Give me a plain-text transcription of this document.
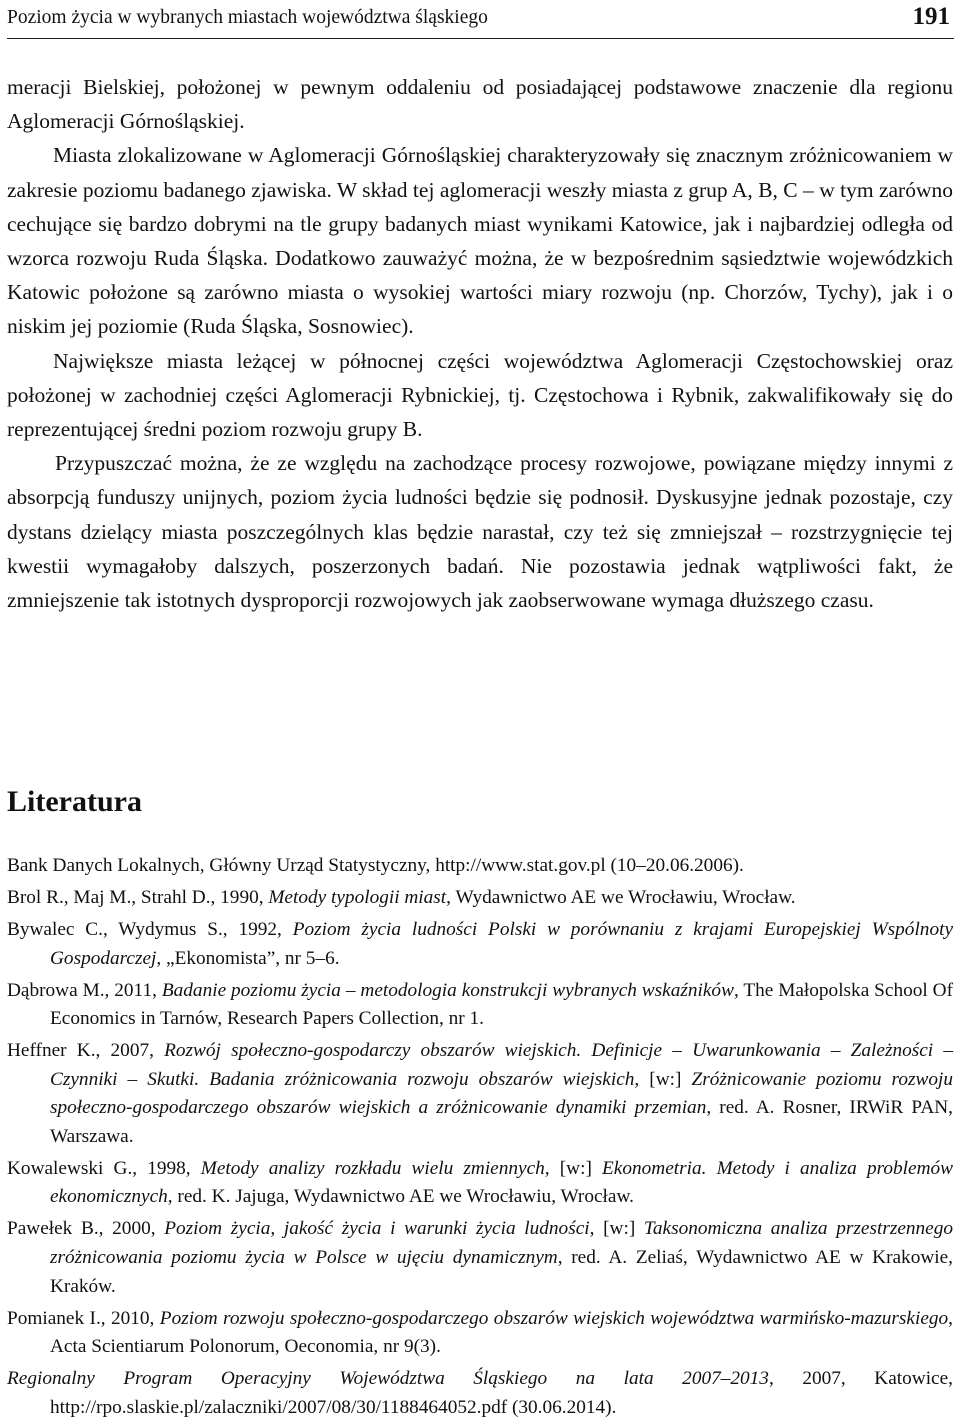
Poziom życia w wybranych miastach województwa śląskiego	191

meracji Bielskiej, położonej w pewnym oddaleniu od posiadającej podstawowe znaczenie dla regionu Aglomeracji Górnośląskiej.

Miasta zlokalizowane w Aglomeracji Górnośląskiej charakteryzowały się znacznym zróżnicowaniem w zakresie poziomu badanego zjawiska. W skład tej aglomeracji weszły miasta z grup A, B, C – w tym zarówno cechujące się bardzo dobrymi na tle grupy badanych miast wynikami Katowice, jak i najbardziej odległa od wzorca rozwoju Ruda Śląska. Dodatkowo zauważyć można, że w bezpośrednim sąsiedztwie wojewódzkich Katowic położone są zarówno miasta o wysokiej wartości miary rozwoju (np. Chorzów, Tychy), jak i o niskim jej poziomie (Ruda Śląska, Sosnowiec).

Największe miasta leżącej w północnej części województwa Aglomeracji Częstochowskiej oraz położonej w zachodniej części Aglomeracji Rybnickiej, tj. Częstochowa i Rybnik, zakwalifikowały się do reprezentującej średni poziom rozwoju grupy B.

Przypuszczać można, że ze względu na zachodzące procesy rozwojowe, powiązane między innymi z absorpcją funduszy unijnych, poziom życia ludności będzie się podnosił. Dyskusyjne jednak pozostaje, czy dystans dzielący miasta poszczególnych klas będzie narastał, czy też się zmniejszał – rozstrzygnięcie tej kwestii wymagałoby dalszych, poszerzonych badań. Nie pozostawia jednak wątpliwości fakt, że zmniejszenie tak istotnych dysproporcji rozwojowych jak zaobserwowane wymaga dłuższego czasu.

Literatura
Bank Danych Lokalnych, Główny Urząd Statystyczny, http://www.stat.gov.pl (10–20.06.2006).
Brol R., Maj M., Strahl D., 1990, Metody typologii miast, Wydawnictwo AE we Wrocławiu, Wrocław.
Bywalec C., Wydymus S., 1992, Poziom życia ludności Polski w porównaniu z krajami Europejskiej Wspólnoty Gospodarczej, „Ekonomista”, nr 5–6.
Dąbrowa M., 2011, Badanie poziomu życia – metodologia konstrukcji wybranych wskaźników, The Małopolska School Of Economics in Tarnów, Research Papers Collection, nr 1.
Heffner K., 2007, Rozwój społeczno-gospodarczy obszarów wiejskich. Definicje – Uwarunkowania – Zależności – Czynniki – Skutki. Badania zróżnicowania rozwoju obszarów wiejskich, [w:] Zróżnicowanie poziomu rozwoju społeczno-gospodarczego obszarów wiejskich a zróżnicowanie dynamiki przemian, red. A. Rosner, IRWiR PAN, Warszawa.
Kowalewski G., 1998, Metody analizy rozkładu wielu zmiennych, [w:] Ekonometria. Metody i analiza problemów ekonomicznych, red. K. Jajuga, Wydawnictwo AE we Wrocławiu, Wrocław.
Pawełek B., 2000, Poziom życia, jakość życia i warunki życia ludności, [w:] Taksonomiczna analiza przestrzennego zróżnicowania poziomu życia w Polsce w ujęciu dynamicznym, red. A. Zeliaś, Wydawnictwo AE w Krakowie, Kraków.
Pomianek I., 2010, Poziom rozwoju społeczno-gospodarczego obszarów wiejskich województwa warmińsko-mazurskiego, Acta Scientiarum Polonorum, Oeconomia, nr 9(3).
Regionalny Program Operacyjny Województwa Śląskiego na lata 2007–2013, 2007, Katowice, http://rpo.slaskie.pl/zalaczniki/2007/08/30/1188464052.pdf (30.06.2014).
